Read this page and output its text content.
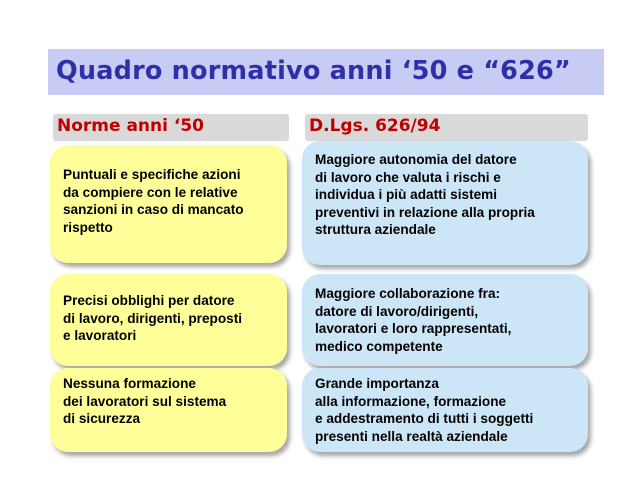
Quadro normativo anni ‘50 e “626”
Norme anni ‘50	D.Lgs. 626/94
Puntuali e specifiche azioni
da compiere con le relative
sanzioni in caso di mancato
rispetto
Maggiore autonomia del datore
di lavoro che valuta i rischi e
individua i più adatti sistemi
preventivi in relazione alla propria
struttura aziendale
Precisi obblighi per datore
di lavoro, dirigenti, preposti
e lavoratori
Maggiore collaborazione fra:
datore di lavoro/dirigenti,
lavoratori e loro rappresentati,
medico competente
Nessuna formazione
dei lavoratori sul sistema
di sicurezza
Grande importanza
alla informazione, formazione
e addestramento di tutti i soggetti
presenti nella realtà aziendale
